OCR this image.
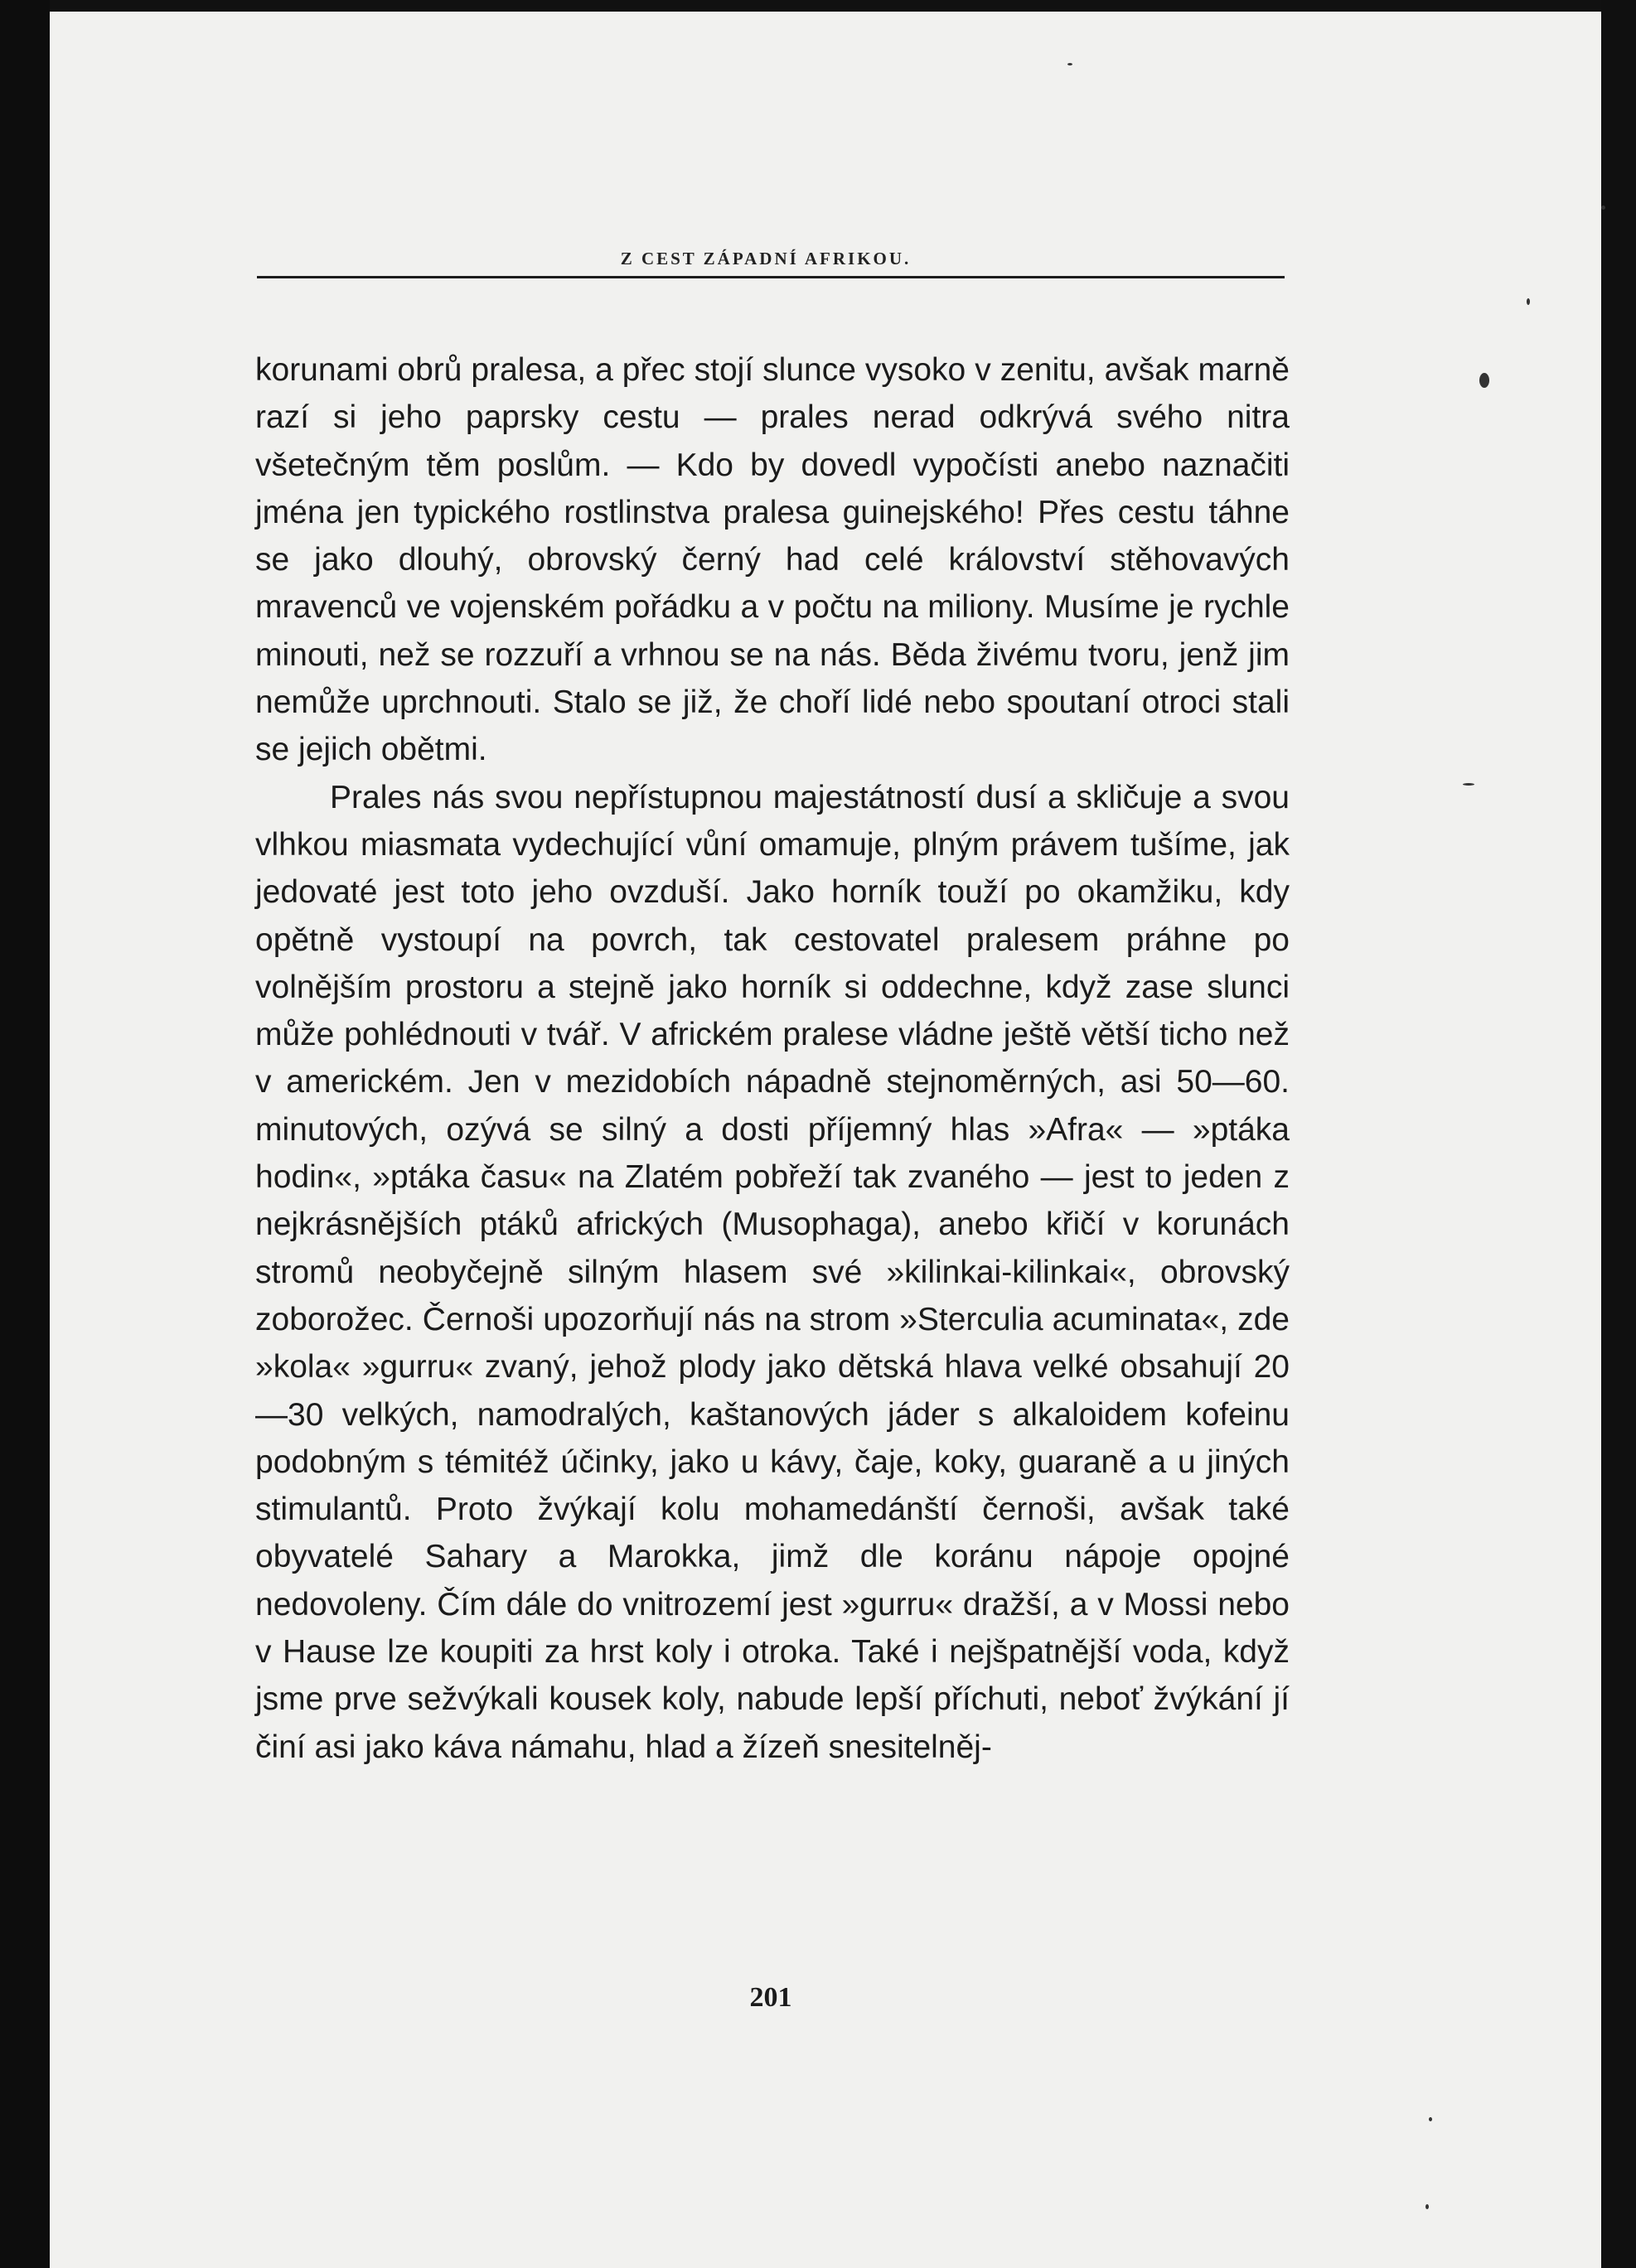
Z CEST ZÁPADNÍ AFRIKOU.

korunami obrů pralesa, a přec stojí slunce vysoko v zenitu, avšak marně razí si jeho paprsky cestu — prales nerad odkrývá svého nitra všetečným těm poslům. — Kdo by dovedl vypočísti anebo naznačiti jména jen typického rostlinstva pralesa guinejského! Přes cestu táhne se jako dlouhý, obrovský černý had celé království stěhovavých mravenců ve vojenském pořádku a v počtu na miliony. Musíme je rychle minouti, než se rozzuří a vrhnou se na nás. Běda živému tvoru, jenž jim nemůže uprchnouti. Stalo se již, že choří lidé nebo spoutaní otroci stali se jejich obětmi.

Prales nás svou nepřístupnou majestátností dusí a skličuje a svou vlhkou miasmata vydechující vůní omamuje, plným právem tušíme, jak jedovaté jest toto jeho ovzduší. Jako horník touží po okamžiku, kdy opětně vystoupí na povrch, tak cestovatel pralesem práhne po volnějším prostoru a stejně jako horník si oddechne, když zase slunci může pohlédnouti v tvář. V africkém pralese vládne ještě větší ticho než v americkém. Jen v mezidobích nápadně stejnoměrných, asi 50—60. minutových, ozývá se silný a dosti příjemný hlas »Afra« — »ptáka hodin«, »ptáka času« na Zlatém pobřeží tak zvaného — jest to jeden z nejkrásnějších ptáků afrických (Musophaga), anebo křičí v korunách stromů neobyčejně silným hlasem své »kilinkai-kilinkai«, obrovský zoborožec. Černoši upozorňují nás na strom »Sterculia acuminata«, zde »kola« »gurru« zvaný, jehož plody jako dětská hlava velké obsahují 20—30 velkých, namodralých, kaštanových jáder s alkaloidem kofeinu podobným s témitéž účinky, jako u kávy, čaje, koky, guaraně a u jiných stimulantů. Proto žvýkají kolu mohamedánští černoši, avšak také obyvatelé Sahary a Marokka, jimž dle koránu nápoje opojné nedovoleny. Čím dále do vnitrozemí jest »gurru« dražší, a v Mossi nebo v Hause lze koupiti za hrst koly i otroka. Také i nejšpatnější voda, když jsme prve sežvýkali kousek koly, nabude lepší příchuti, neboť žvýkání jí činí asi jako káva námahu, hlad a žízeň snesitelněj-

201
